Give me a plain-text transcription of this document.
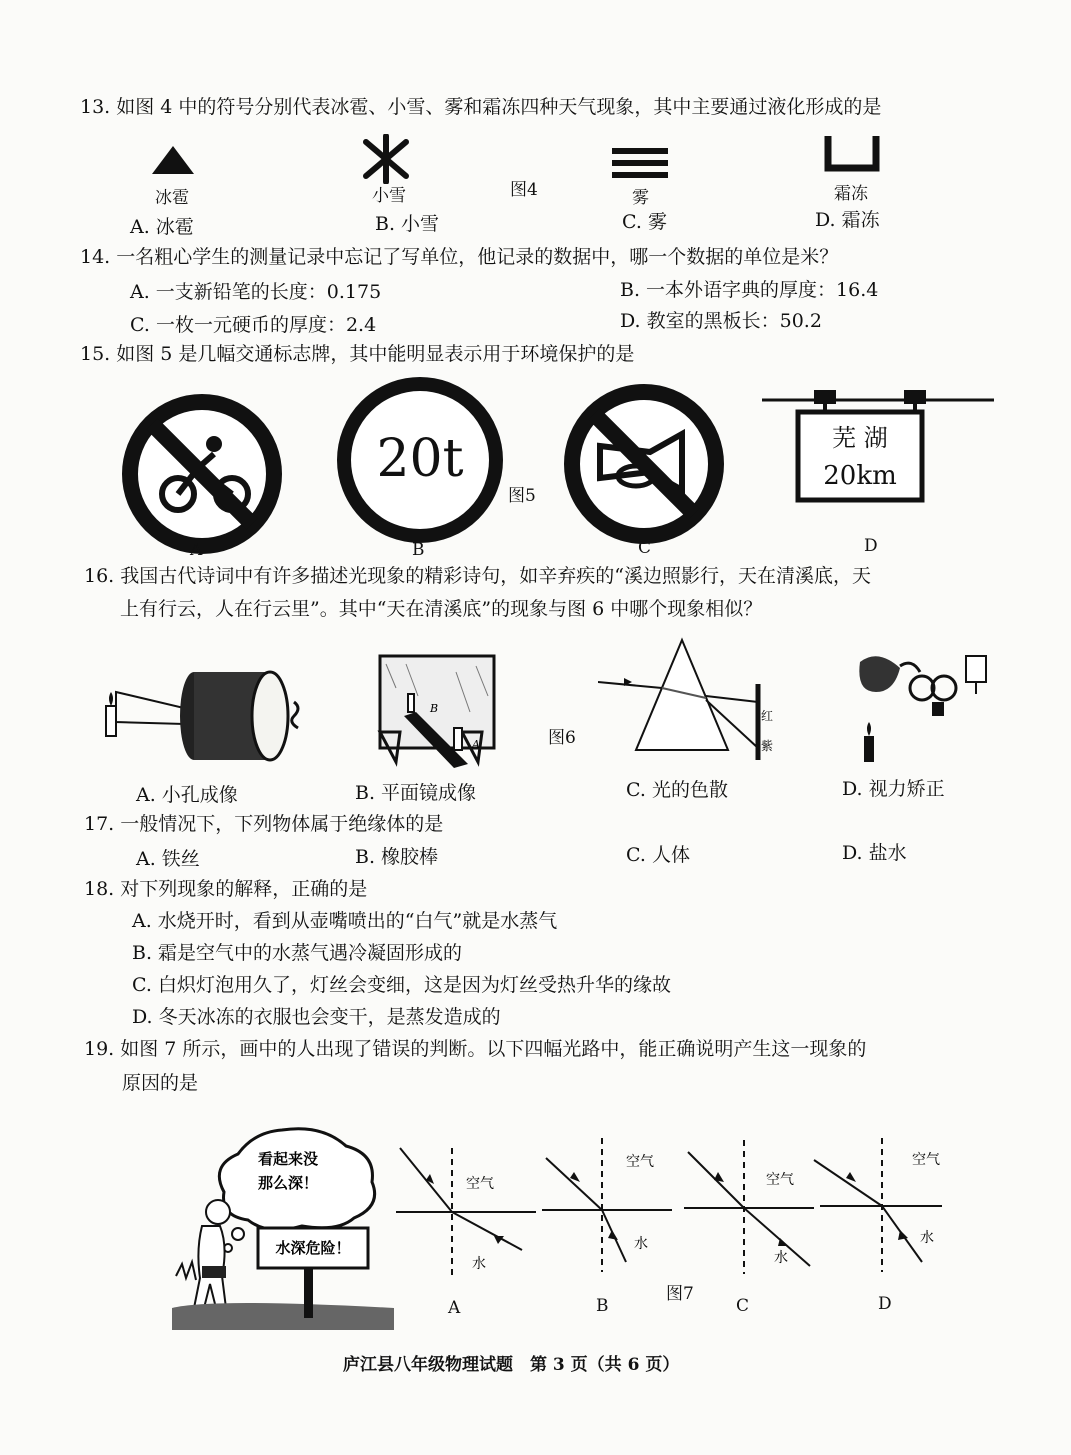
13. 如图 4 中的符号分别代表冰雹、小雪、雾和霜冻四种天气现象，其中主要通过液化形成的是
冰雹	小雪	雾	霜冻
图4
A. 冰雹	B. 小雪	C. 雾	D. 霜冻
14. 一名粗心学生的测量记录中忘记了写单位，他记录的数据中，哪一个数据的单位是米？
A. 一支新铅笔的长度：0.175	B. 一本外语字典的厚度：16.4
C. 一枚一元硬币的厚度：2.4	D. 教室的黑板长：50.2
15. 如图 5 是几幅交通标志牌，其中能明显表示用于环境保护的是
20t	芜 湖
20km
图5
A	B	C	D
16. 我国古代诗词中有许多描述光现象的精彩诗句，如辛弃疾的“溪边照影行，天在清溪底，天
上有行云，人在行云里”。其中“天在清溪底”的现象与图 6 中哪个现象相似？
B
A
红
紫
图6
A. 小孔成像	B. 平面镜成像	C. 光的色散	D. 视力矫正
17. 一般情况下，下列物体属于绝缘体的是
A. 铁丝	B. 橡胶棒	C. 人体	D. 盐水
18. 对下列现象的解释，正确的是
A. 水烧开时，看到从壶嘴喷出的“白气”就是水蒸气
B. 霜是空气中的水蒸气遇冷凝固形成的
C. 白炽灯泡用久了，灯丝会变细，这是因为灯丝受热升华的缘故
D. 冬天冰冻的衣服也会变干，是蒸发造成的
19. 如图 7 所示，画中的人出现了错误的判断。以下四幅光路中，能正确说明产生这一现象的
原因的是
看起来没
那么深！
水深危险！
空气
水
空气
水
空气
水
空气
水
图7
A	B	C	D
庐江县八年级物理试题　第 3 页（共 6 页）
